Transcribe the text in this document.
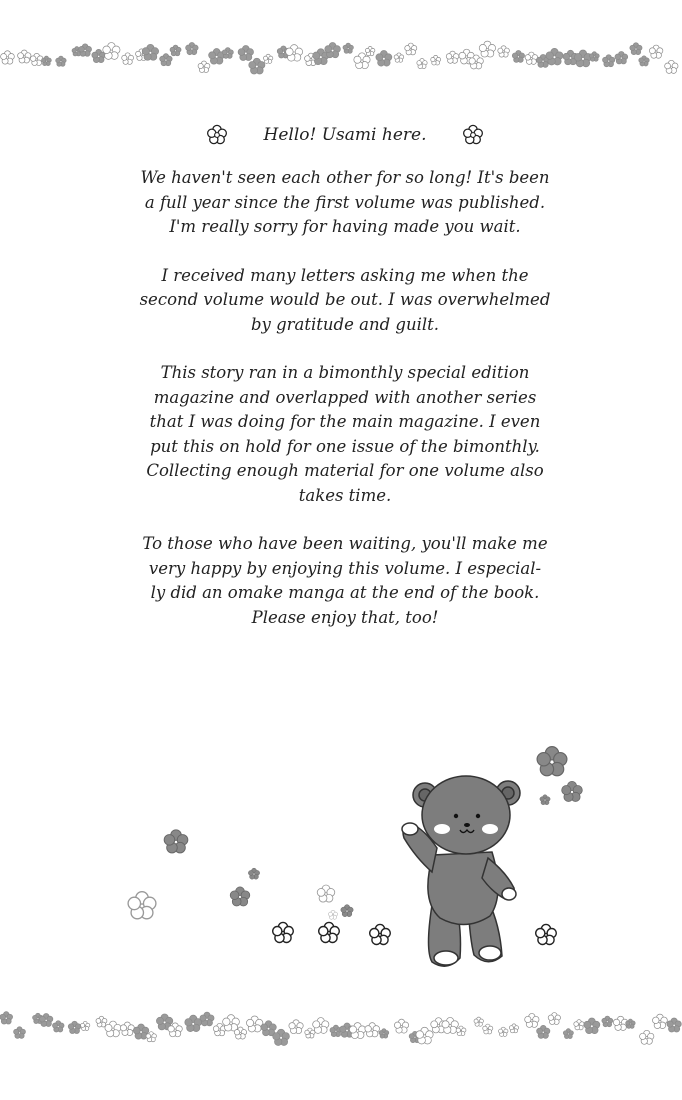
Hello! Usami here.

We haven't seen each other for so long! It's been
a full year since the first volume was published.
I'm really sorry for having made you wait.

I received many letters asking me when the
second volume would be out. I was overwhelmed
by gratitude and guilt.

This story ran in a bimonthly special edition
magazine and overlapped with another series
that I was doing for the main magazine. I even
put this on hold for one issue of the bimonthly.
Collecting enough material for one volume also
takes time.

To those who have been waiting, you'll make me
very happy by enjoying this volume. I especial-
ly did an omake manga at the end of the book.
Please enjoy that, too!
